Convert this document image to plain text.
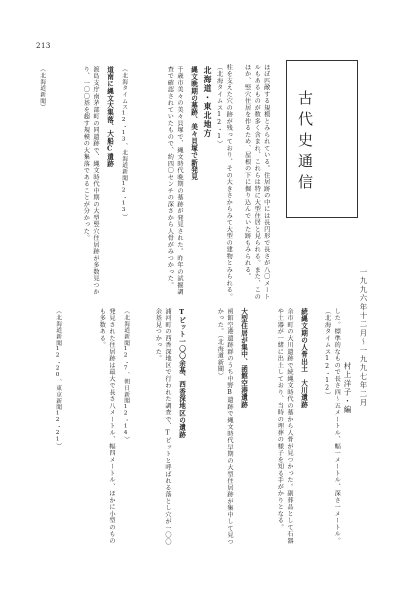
213
古代史通信
一九九六年十二月～一九九七年二月
村上洋子・編
ほぼ匹敵する規模とみられている。住居跡の中には長円形で長さが八〇メートルもあるものが数多く含まれ、これらは特に大型住居と見られる。また、このほか、竪穴住居を作るため、屋根の下に掘り込んでいた跡もみられる。
柱を支えた穴の跡が残っており、その大きさからみて大型の建物とみられる。（北海タイムス12・1）
北海道・東北地方
縄文晩期の墓跡、美々貝塚で新発見
千歳市美々の美々貝塚で、縄文時代晩期の墓跡が発見された。昨年の試掘調査で確認されていたもので、約四〇センチの深さから人骨がみつかった。
（北海タイムス12・13、北海道新聞12・13）
道南に縄文大集落、大船C遺跡
渡島支庁南茅部町の同遺跡で、縄文時代中期の大型竪穴住居跡が多数見つかり、一〇〇基を超す規模の大集落であることが分かった。
（北海道新聞）
した。標準的なもので長さ四〜五メートル、幅一メートル、深さ一メートル。（北海タイムス12・12）
続縄文期の人骨出土　大川遺跡
余市町の大川遺跡で続縄文時代の墓から人骨が見つかった。副葬品として石器や土器が一緒に出土しており、当時の埋葬の様子を知る手がかりとなる。
大型住居が集中、函館空港遺跡
函館空港遺跡群のうち中野B遺跡で縄文時代早期の大型住居跡が集中して見つかった。（北海道新聞）
Tピット一〇〇余基、西香深地区の遺跡
浦河町の西香深地区で行われた調査で、Tピットと呼ばれる落とし穴が一〇〇余基見つかった。
（北海道新聞12・7、朝日新聞12・14）
発見された住居跡は最大で長さ八メートル、幅四メートル、ほかに小型のものも多数ある。
（北海道新聞12・20、東京新聞12・21）
